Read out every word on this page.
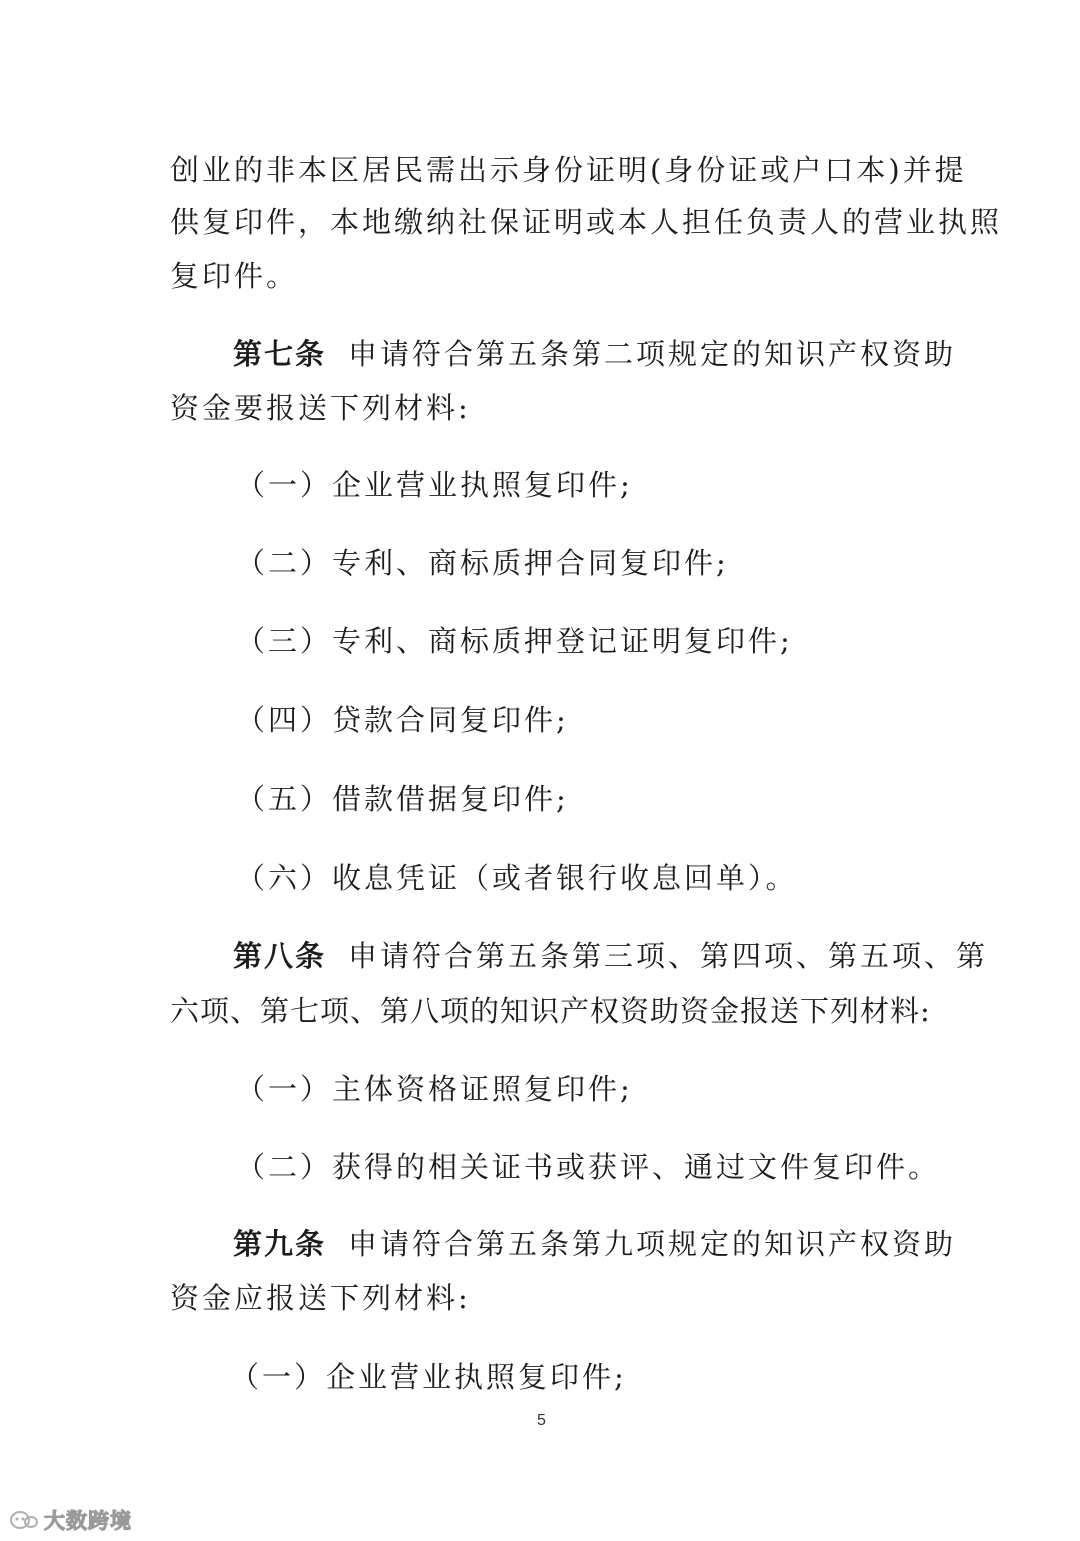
创业的非本区居民需出示身份证明(身份证或户口本)并提
供复印件，本地缴纳社保证明或本人担任负责人的营业执照
复印件。
第七条 申请符合第五条第二项规定的知识产权资助
资金要报送下列材料:
（一）企业营业执照复印件;
（二）专利、商标质押合同复印件;
（三）专利、商标质押登记证明复印件;
（四）贷款合同复印件;
（五）借款借据复印件;
（六）收息凭证（或者银行收息回单）。
第八条 申请符合第五条第三项、第四项、第五项、第
六项、第七项、第八项的知识产权资助资金报送下列材料:
（一）主体资格证照复印件;
（二）获得的相关证书或获评、通过文件复印件。
第九条 申请符合第五条第九项规定的知识产权资助
资金应报送下列材料:
（一）企业营业执照复印件;
5
大数跨境
